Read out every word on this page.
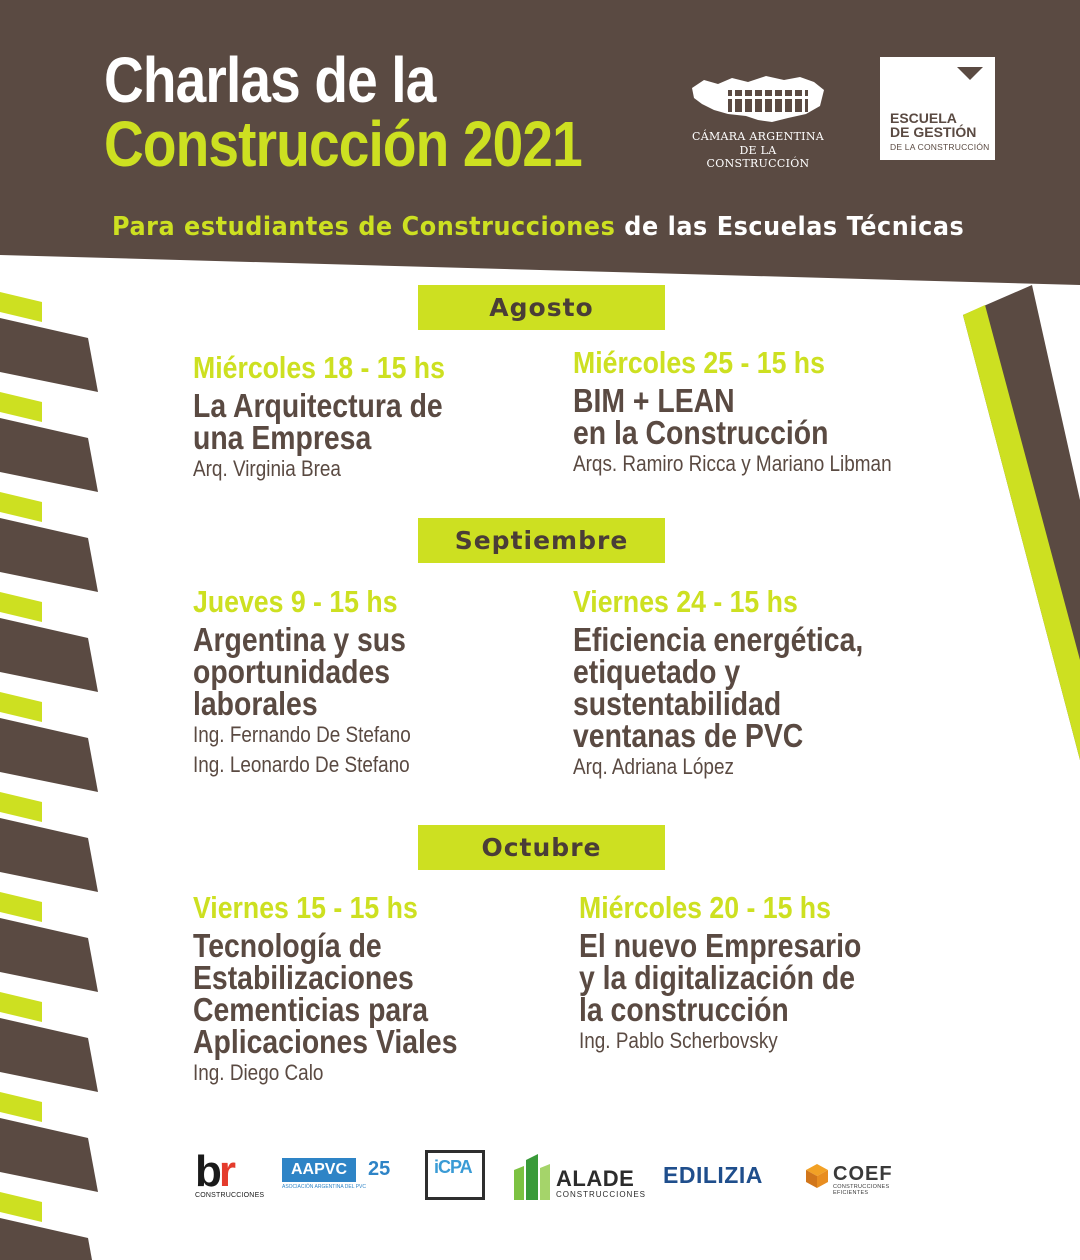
Charlas de la
Construcción 2021

Para estudiantes de Construcciones de las Escuelas Técnicas

CÁMARA ARGENTINA
DE LA CONSTRUCCIÓN
ESCUELA
DE GESTIÓN
DE LA CONSTRUCCIÓN
Agosto
Septiembre
Octubre
Miércoles 18 - 15 hs
La Arquitectura de
una Empresa
Arq. Virginia Brea
Miércoles 25 - 15 hs
BIM + LEAN
en la Construcción
Arqs. Ramiro Ricca y Mariano Libman
Jueves 9 - 15 hs
Argentina y sus
oportunidades
laborales
Ing. Fernando De Stefano
Ing. Leonardo De Stefano
Viernes 24 - 15 hs
Eficiencia energética,
etiquetado y
sustentabilidad
ventanas de PVC
Arq. Adriana López
Viernes 15 - 15 hs
Tecnología de
Estabilizaciones
Cementicias para
Aplicaciones Viales
Ing. Diego Calo
Miércoles 20 - 15 hs
El nuevo Empresario
y la digitalización de
la construcción
Ing. Pablo Scherbovsky
br
CONSTRUCCIONES
AAPVC	25
ASOCIACIÓN ARGENTINA DEL PVC
iCPA	ALADE
CONSTRUCCIONES
EDILIZIA	COEF
CONSTRUCCIONES EFICIENTES
